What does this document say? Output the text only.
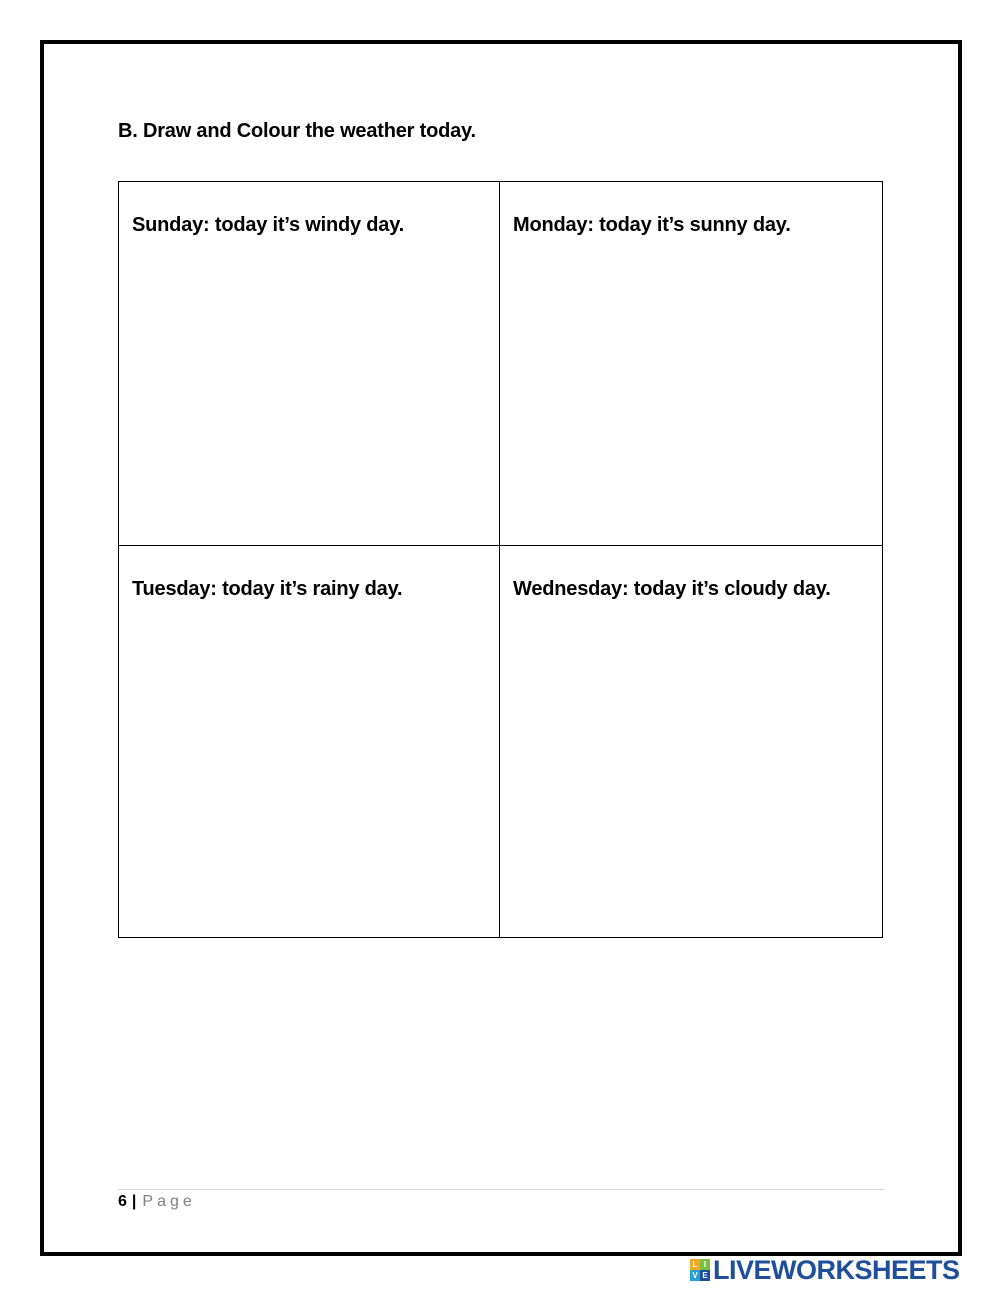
B. Draw and Colour the weather today.

Sunday: today it’s windy day.	Monday: today it’s sunny day.
Tuesday: today it’s rainy day.	Wednesday: today it’s cloudy day.
6 | Page
L I
V E LIVEWORKSHEETS
